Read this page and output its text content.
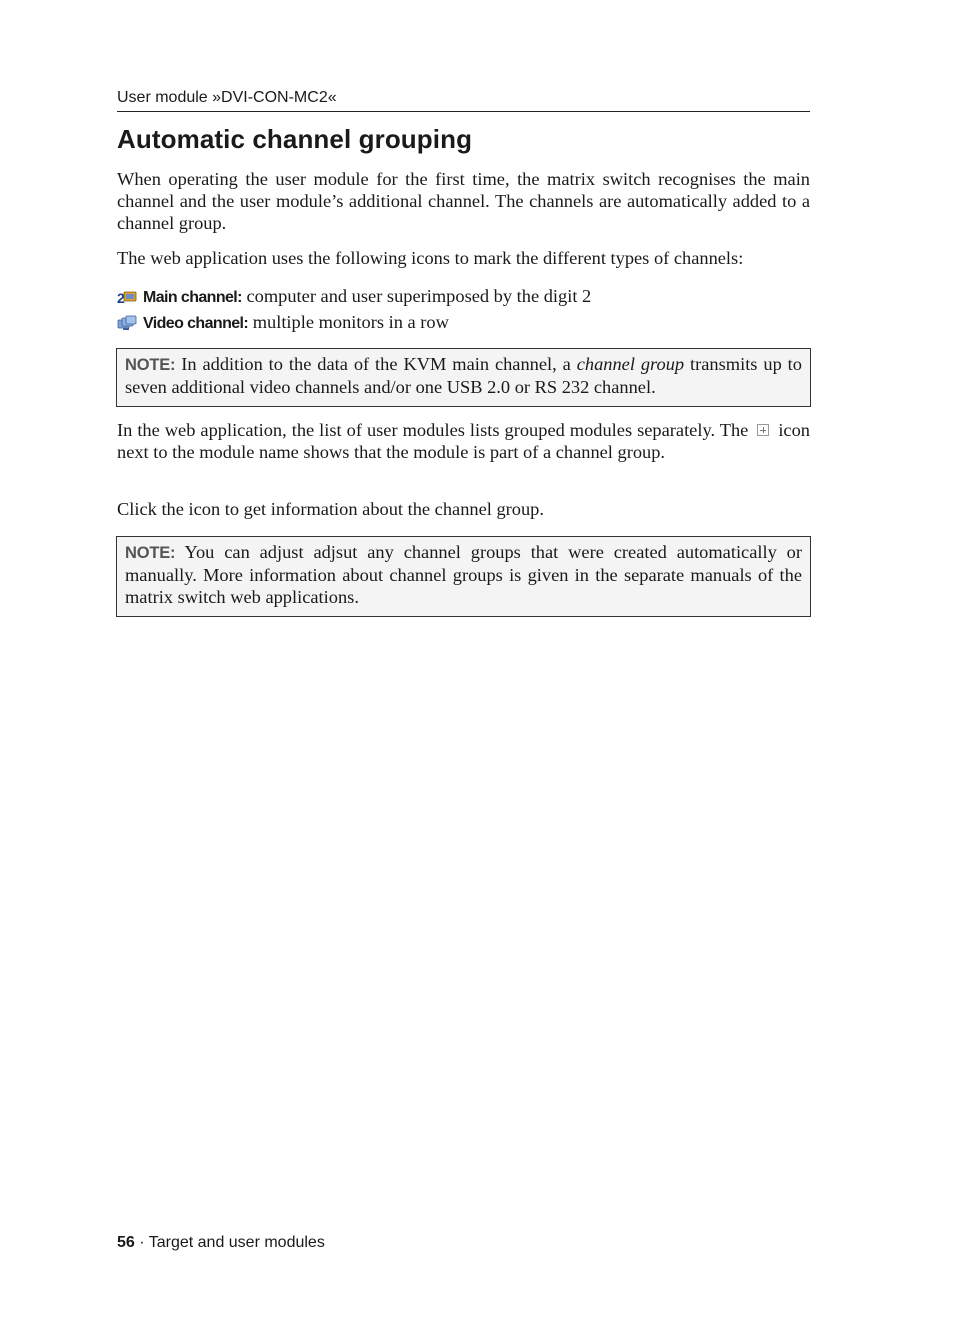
User module »DVI-CON-MC2«
Automatic channel grouping

When operating the user module for the first time, the matrix switch recognises the main channel and the user module’s additional channel. The channels are automatically added to a channel group.

The web application uses the following icons to mark the different types of channels:

2 Main channel: computer and user superimposed by the digit 2
Video channel: multiple monitors in a row
NOTE: In addition to the data of the KVM main channel, a channel group transmits up to seven additional video channels and/or one USB 2.0 or RS 232 channel.

In the web application, the list of user modules lists grouped modules separately. The icon next to the module name shows that the module is part of a channel group.

Click the icon to get information about the channel group.

NOTE: You can adjust adjsut any channel groups that were created automatically or manually. More information about channel groups is given in the separate manuals of the matrix switch web applications.
56 · Target and user modules
